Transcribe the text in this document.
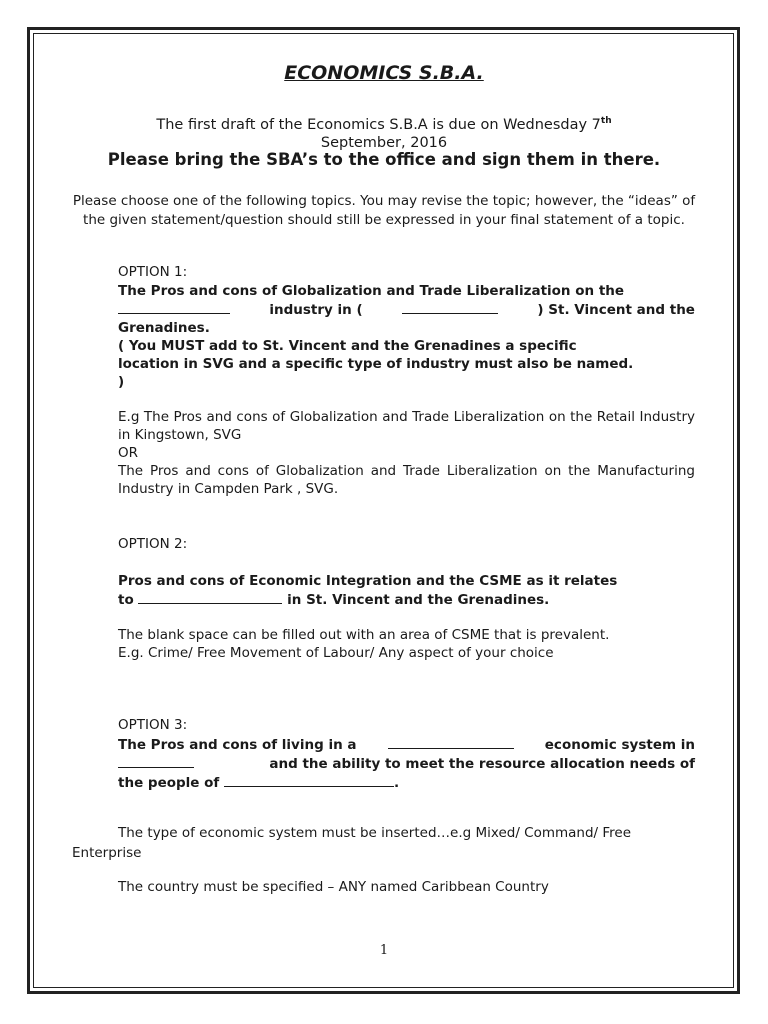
ECONOMICS S.B.A.
The first draft of the Economics S.B.A is due on Wednesday 7th
September, 2016
Please bring the SBA’s to the office and sign them in there.

Please choose one of the following topics. You may revise the topic; however, the “ideas” of the given statement/question should still be expressed in your final statement of a topic.

OPTION 1:
The Pros and cons of Globalization and Trade Liberalization on the
industry in (	) St. Vincent and the
Grenadines.
( You MUST add to St. Vincent and the Grenadines a specific
location in SVG and a specific type of industry must also be named.
)
E.g The Pros and cons of Globalization and Trade Liberalization on the Retail Industry in Kingstown, SVG
OR
The Pros and cons of Globalization and Trade Liberalization on the Manufacturing Industry in Campden Park , SVG.
OPTION 2:
Pros and cons of Economic Integration and the CSME as it relates
to	in St. Vincent and the Grenadines.
The blank space can be filled out with an area of CSME that is prevalent.
E.g. Crime/ Free Movement of Labour/ Any aspect of your choice
OPTION 3:
The Pros and cons of living in a	economic system in
and the ability to meet the resource allocation needs of
the people of	.
The type of economic system must be inserted…e.g Mixed/ Command/ Free
Enterprise
The country must be specified – ANY named Caribbean Country
1
